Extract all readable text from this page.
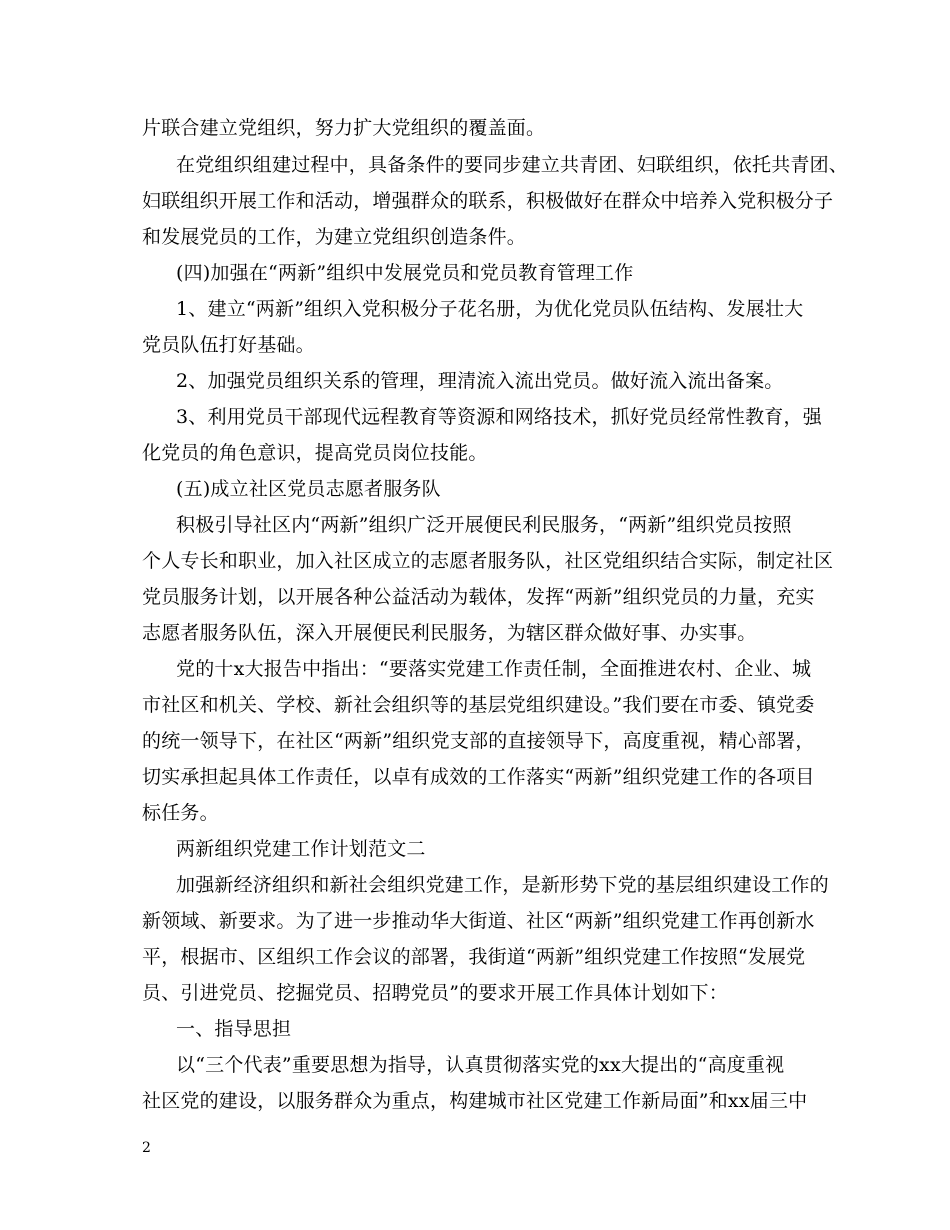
片联合建立党组织，努力扩大党组织的覆盖面。
在党组织组建过程中，具备条件的要同步建立共青团、妇联组织，依托共青团、
妇联组织开展工作和活动，增强群众的联系，积极做好在群众中培养入党积极分子
和发展党员的工作，为建立党组织创造条件。
(四)加强在“两新”组织中发展党员和党员教育管理工作
1、建立“两新”组织入党积极分子花名册，为优化党员队伍结构、发展壮大
党员队伍打好基础。
2、加强党员组织关系的管理，理清流入流出党员。做好流入流出备案。
3、利用党员干部现代远程教育等资源和网络技术，抓好党员经常性教育，强
化党员的角色意识，提高党员岗位技能。
(五)成立社区党员志愿者服务队
积极引导社区内“两新”组织广泛开展便民利民服务，“两新”组织党员按照
个人专长和职业，加入社区成立的志愿者服务队，社区党组织结合实际，制定社区
党员服务计划，以开展各种公益活动为载体，发挥“两新”组织党员的力量，充实
志愿者服务队伍，深入开展便民利民服务，为辖区群众做好事、办实事。
党的十x大报告中指出：“要落实党建工作责任制，全面推进农村、企业、城
市社区和机关、学校、新社会组织等的基层党组织建设。”我们要在市委、镇党委
的统一领导下，在社区“两新”组织党支部的直接领导下，高度重视，精心部署，
切实承担起具体工作责任，以卓有成效的工作落实“两新”组织党建工作的各项目
标任务。
两新组织党建工作计划范文二
加强新经济组织和新社会组织党建工作，是新形势下党的基层组织建设工作的
新领域、新要求。为了进一步推动华大街道、社区“两新”组织党建工作再创新水
平，根据市、区组织工作会议的部署，我街道“两新”组织党建工作按照“发展党
员、引进党员、挖掘党员、招聘党员”的要求开展工作具体计划如下：
一、指导思担
以“三个代表”重要思想为指导，认真贯彻落实党的xx大提出的“高度重视
社区党的建设，以服务群众为重点，构建城市社区党建工作新局面”和xx届三中
2
